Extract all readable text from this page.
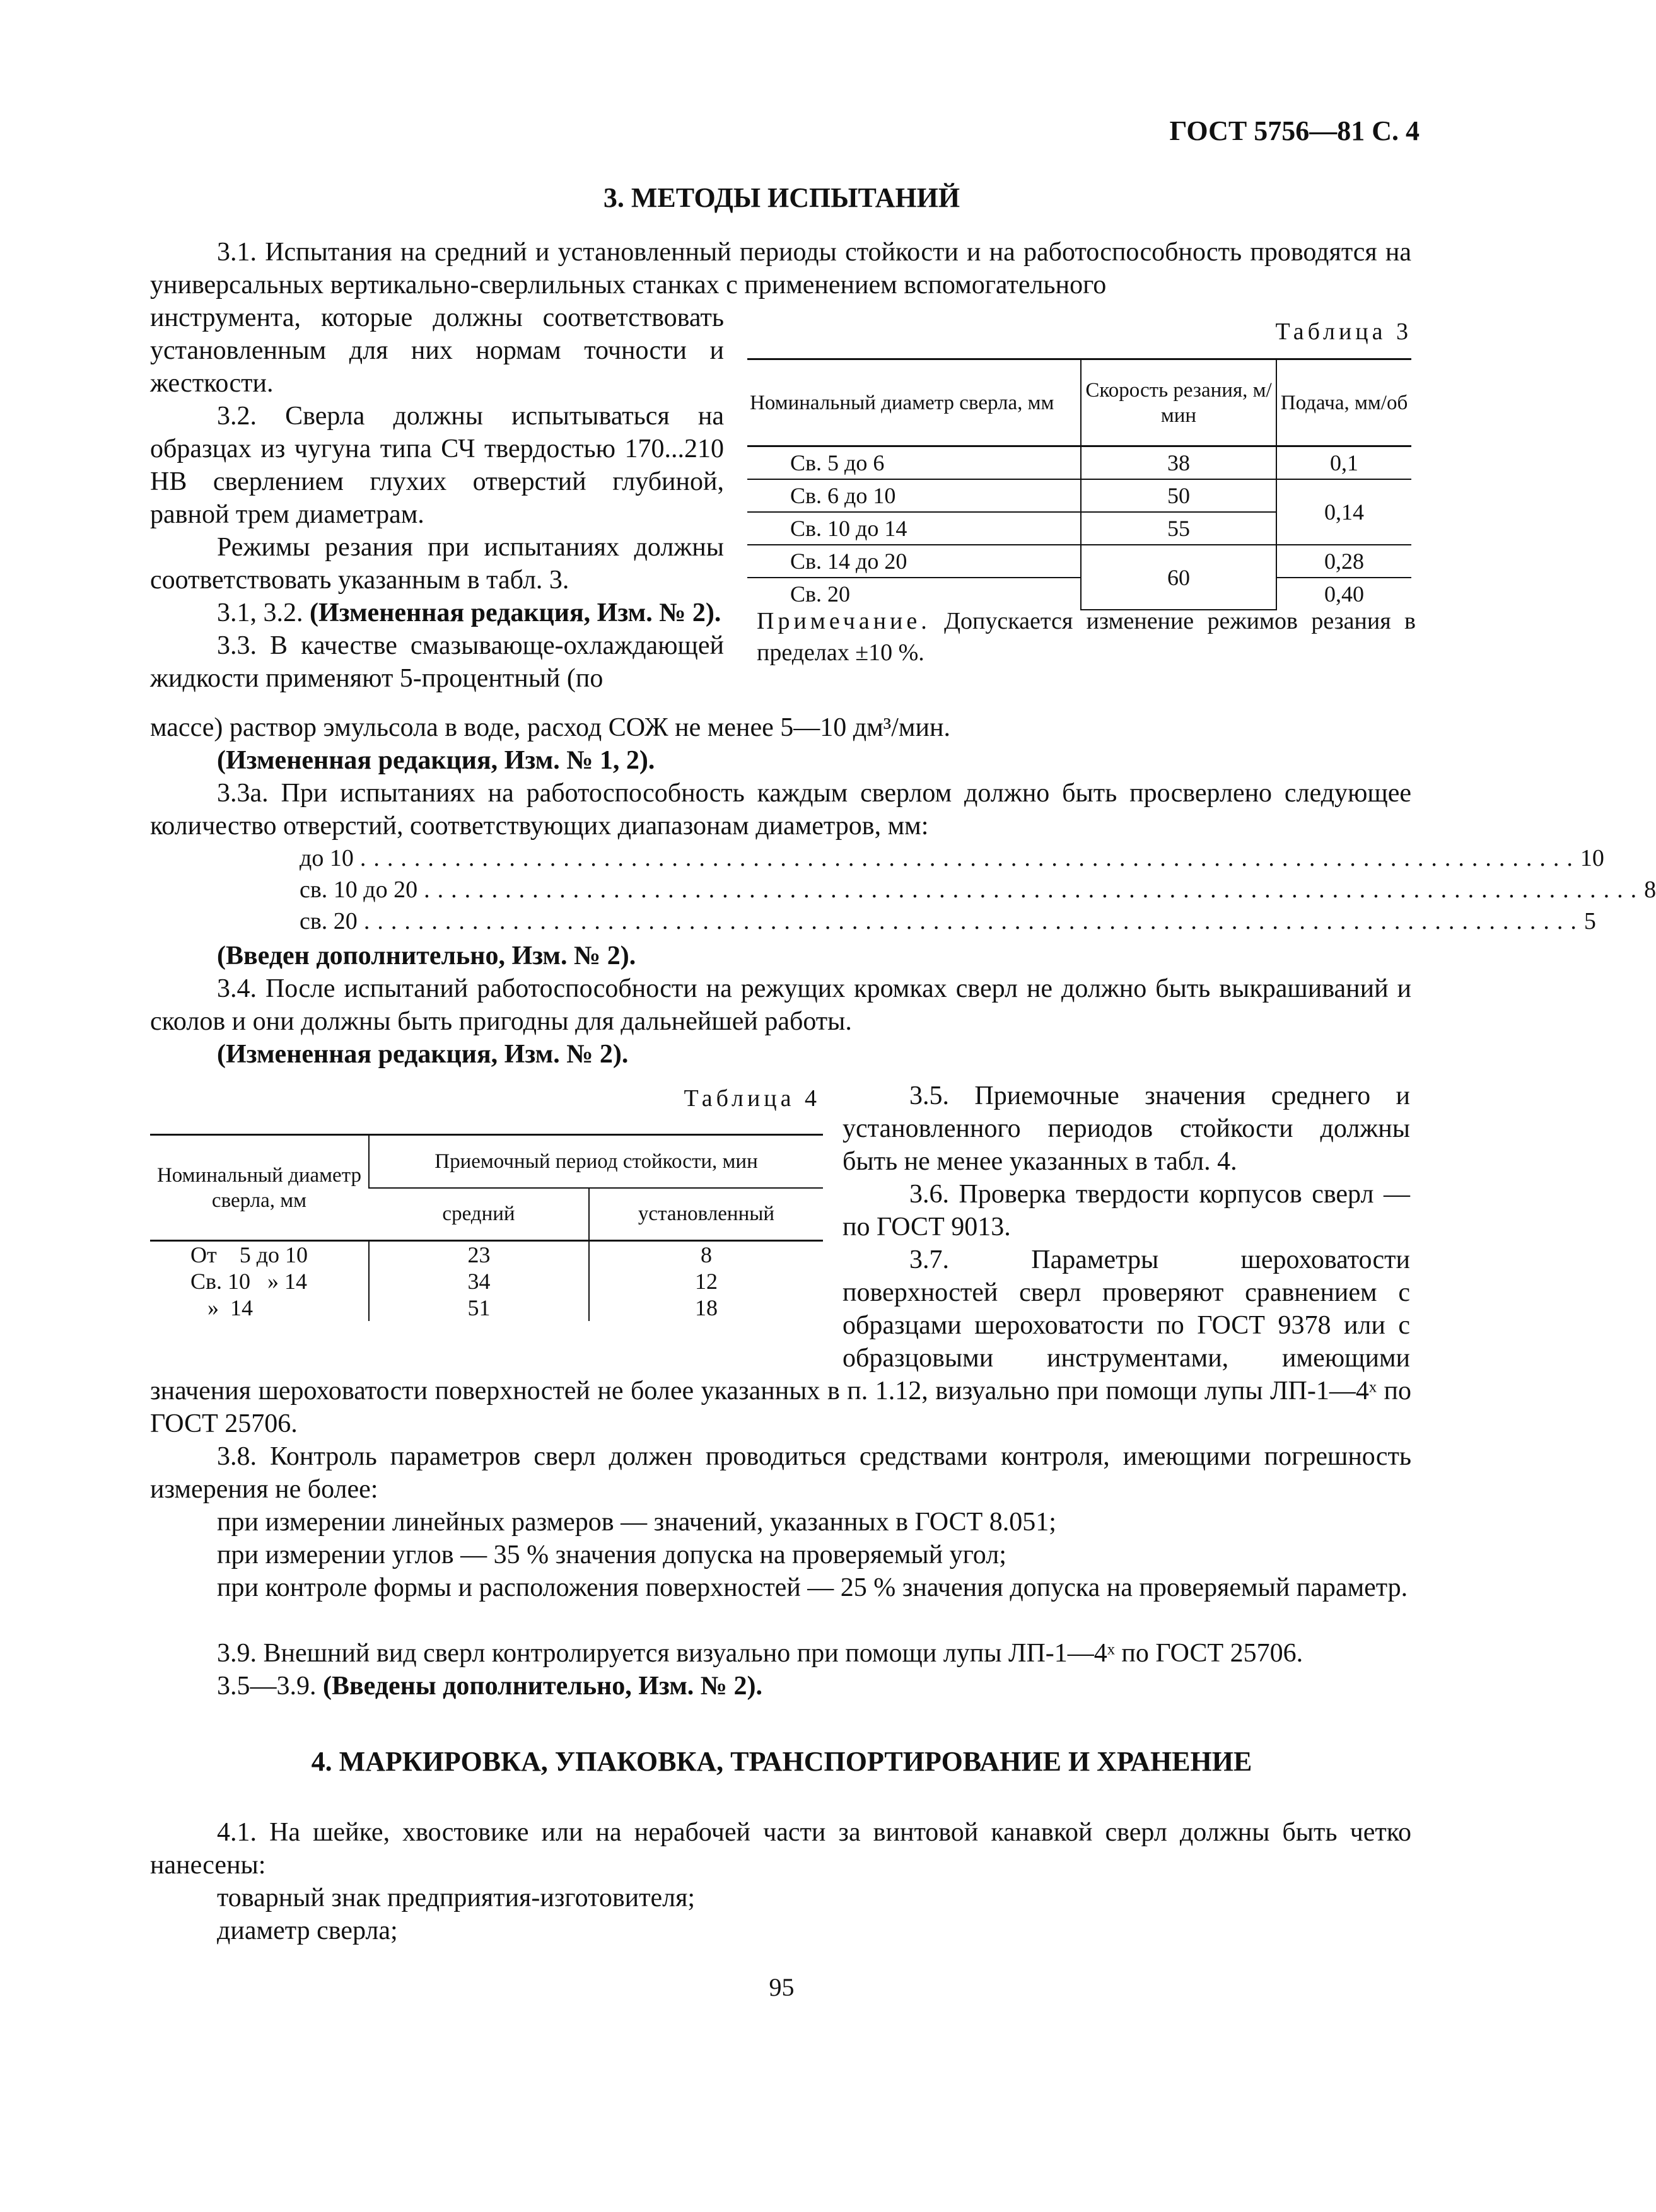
ГОСТ 5756—81 С. 4
3. МЕТОДЫ ИСПЫТАНИЙ

3.1. Испытания на средний и установленный периоды стойкости и на работоспособность проводятся на универсальных вертикально-сверлильных станках с применением вспомогательного

инструмента, которые должны соответствовать установленным для них нормам точности и жесткости.

3.2. Сверла должны испытываться на образцах из чугуна типа СЧ твердостью 170...210 НВ сверлением глухих отверстий глубиной, равной трем диаметрам.

Режимы резания при испытаниях должны соответствовать указанным в табл. 3.

3.1, 3.2. (Измененная редакция, Изм. № 2).

3.3. В качестве смазывающе-охлаждающей жидкости применяют 5-процентный (по

Таблица 3
Номинальный диаметр сверла, мм	Скорость резания, м/мин	Подача, мм/об
Св. 5 до 6	38	0,1
Св. 6 до 10	50	0,14
Св. 10 до 14	55	
Св. 14 до 20	60	0,28
Св. 20		0,40

Примечание. Допускается изменение режимов резания в пределах ±10 %.

массе) раствор эмульсола в воде, расход СОЖ не менее 5—10 дм³/мин.

(Измененная редакция, Изм. № 1, 2).

3.3а. При испытаниях на работоспособность каждым сверлом должно быть просверлено следующее количество отверстий, соответствующих диапазонам диаметров, мм:

до 10 .......................................................................................... 10
св. 10 до 20 .......................................................................................... 8
св. 20 .......................................................................................... 5

(Введен дополнительно, Изм. № 2).

3.4. После испытаний работоспособности на режущих кромках сверл не должно быть выкрашиваний и сколов и они должны быть пригодны для дальнейшей работы.

(Измененная редакция, Изм. № 2).

Таблица 4
Номинальный диаметр сверла, мм	Приемочный период стойкости, мин	
	средний	установленный
От    5 до 10	23	8
Св. 10   » 14	34	12
»  14	51	18

3.5. Приемочные значения среднего и установленного периодов стойкости должны быть не менее указанных в табл. 4.

3.6. Проверка твердости корпусов сверл — по ГОСТ 9013.

3.7. Параметры шероховатости поверхностей сверл проверяют сравнением с образцами шероховатости по ГОСТ 9378 или с образцовыми инструментами, имеющими

значения шероховатости поверхностей не более указанных в п. 1.12, визуально при помощи лупы ЛП-1—4ˣ по ГОСТ 25706.

3.8. Контроль параметров сверл должен проводиться средствами контроля, имеющими погрешность измерения не более:

при измерении линейных размеров — значений, указанных в ГОСТ 8.051;

при измерении углов — 35 % значения допуска на проверяемый угол;

при контроле формы и расположения поверхностей — 25 % значения допуска на проверяемый параметр.

3.9. Внешний вид сверл контролируется визуально при помощи лупы ЛП-1—4ˣ по ГОСТ 25706.

3.5—3.9. (Введены дополнительно, Изм. № 2).

4. МАРКИРОВКА, УПАКОВКА, ТРАНСПОРТИРОВАНИЕ И ХРАНЕНИЕ

4.1. На шейке, хвостовике или на нерабочей части за винтовой канавкой сверл должны быть четко нанесены:

товарный знак предприятия-изготовителя;

диаметр сверла;

95
